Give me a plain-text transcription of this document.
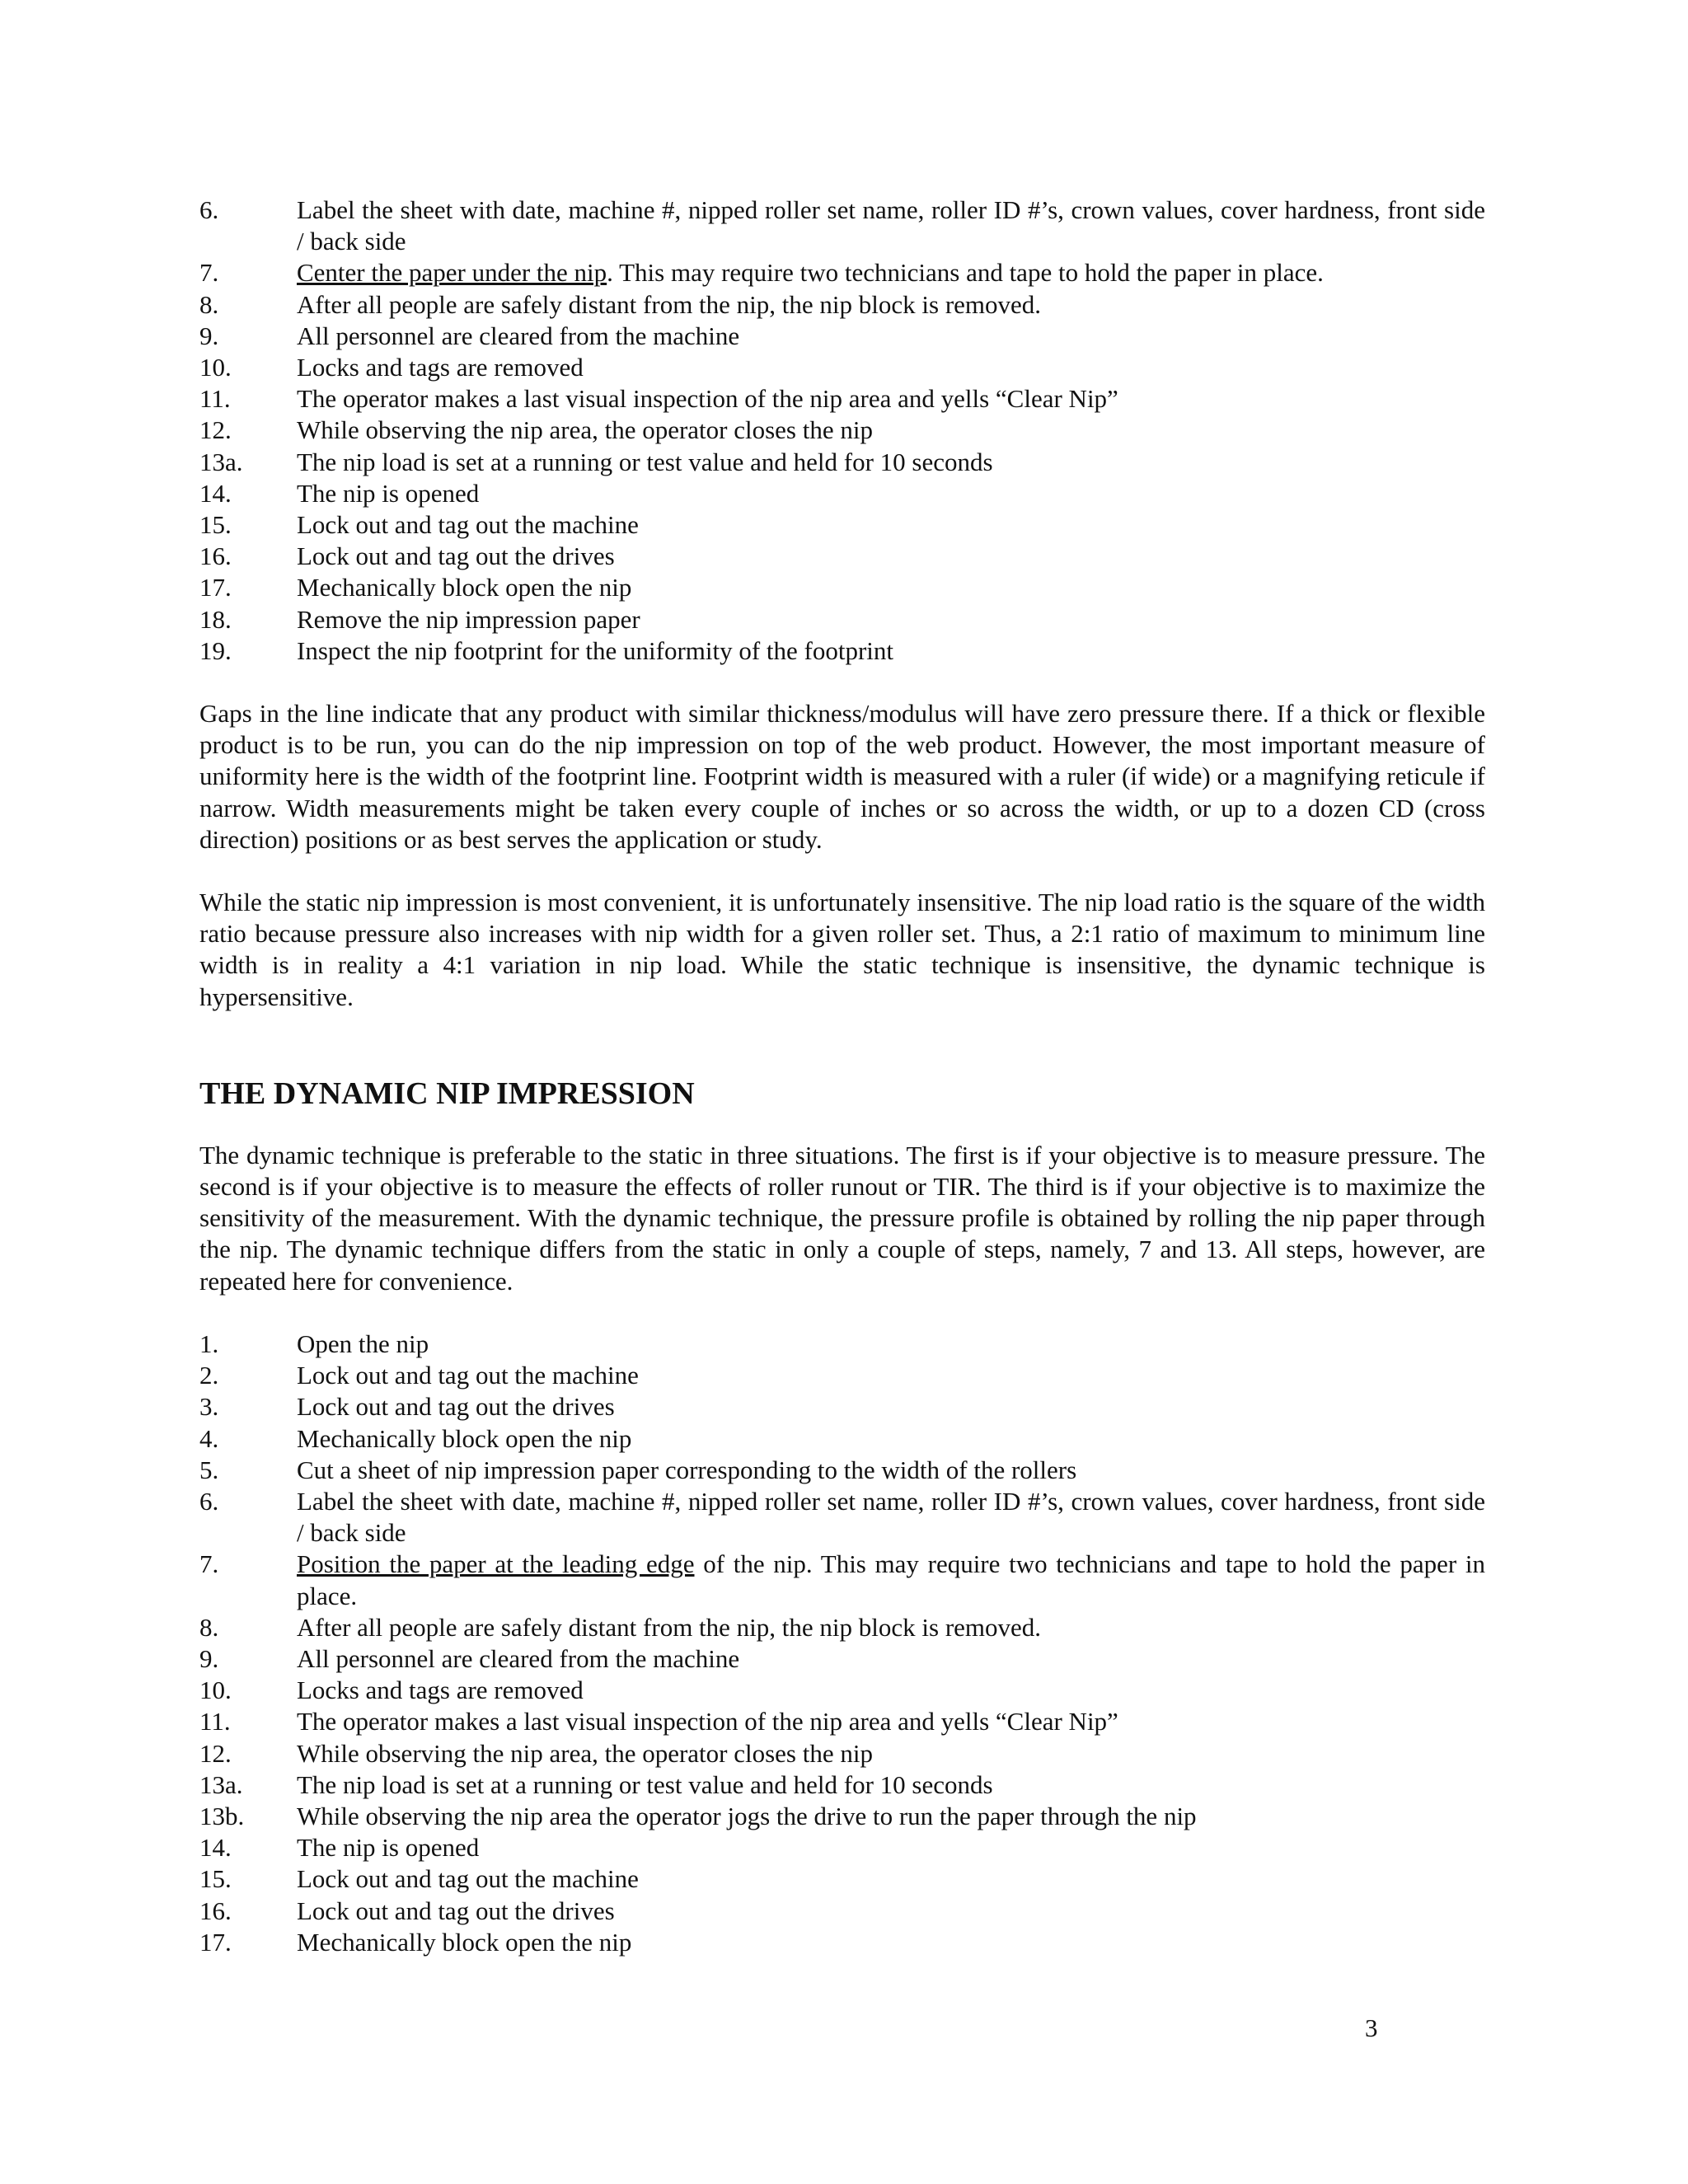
6.	Label the sheet with date, machine #, nipped roller set name, roller ID #’s, crown values, cover hardness, front side / back side
7.	Center the paper under the nip. This may require two technicians and tape to hold the paper in place.
8.	After all people are safely distant from the nip, the nip block is removed.
9.	All personnel are cleared from the machine
10.	Locks and tags are removed
11.	The operator makes a last visual inspection of the nip area and yells “Clear Nip”
12.	While observing the nip area, the operator closes the nip
13a. The nip load is set at a running or test value and held for 10 seconds
14.	The nip is opened
15.	Lock out and tag out the machine
16.	Lock out and tag out the drives
17.	Mechanically block open the nip
18.	Remove the nip impression paper
19.	Inspect the nip footprint for the uniformity of the footprint

Gaps in the line indicate that any product with similar thickness/modulus will have zero pressure there. If a thick or flexible product is to be run, you can do the nip impression on top of the web product. However, the most important measure of uniformity here is the width of the footprint line. Footprint width is measured with a ruler (if wide) or a magnifying reticule if narrow. Width measurements might be taken every couple of inches or so across the width, or up to a dozen CD (cross direction) positions or as best serves the application or study.

While the static nip impression is most convenient, it is unfortunately insensitive. The nip load ratio is the square of the width ratio because pressure also increases with nip width for a given roller set. Thus, a 2:1 ratio of maximum to minimum line width is in reality a 4:1 variation in nip load. While the static technique is insensitive, the dynamic technique is hypersensitive.

THE DYNAMIC NIP IMPRESSION

The dynamic technique is preferable to the static in three situations. The first is if your objective is to measure pressure. The second is if your objective is to measure the effects of roller runout or TIR. The third is if your objective is to maximize the sensitivity of the measurement. With the dynamic technique, the pressure profile is obtained by rolling the nip paper through the nip. The dynamic technique differs from the static in only a couple of steps, namely, 7 and 13. All steps, however, are repeated here for convenience.

1.	Open the nip
2.	Lock out and tag out the machine
3.	Lock out and tag out the drives
4.	Mechanically block open the nip
5.	Cut a sheet of nip impression paper corresponding to the width of the rollers
6.	Label the sheet with date, machine #, nipped roller set name, roller ID #’s, crown values, cover hardness, front side / back side
7.	Position the paper at the leading edge of the nip. This may require two technicians and tape to hold the paper in place.
8.	After all people are safely distant from the nip, the nip block is removed.
9.	All personnel are cleared from the machine
10.	Locks and tags are removed
11.	The operator makes a last visual inspection of the nip area and yells “Clear Nip”
12.	While observing the nip area, the operator closes the nip
13a. The nip load is set at a running or test value and held for 10 seconds
13b. While observing the nip area the operator jogs the drive to run the paper through the nip
14.	The nip is opened
15.	Lock out and tag out the machine
16.	Lock out and tag out the drives
17.	Mechanically block open the nip
3
